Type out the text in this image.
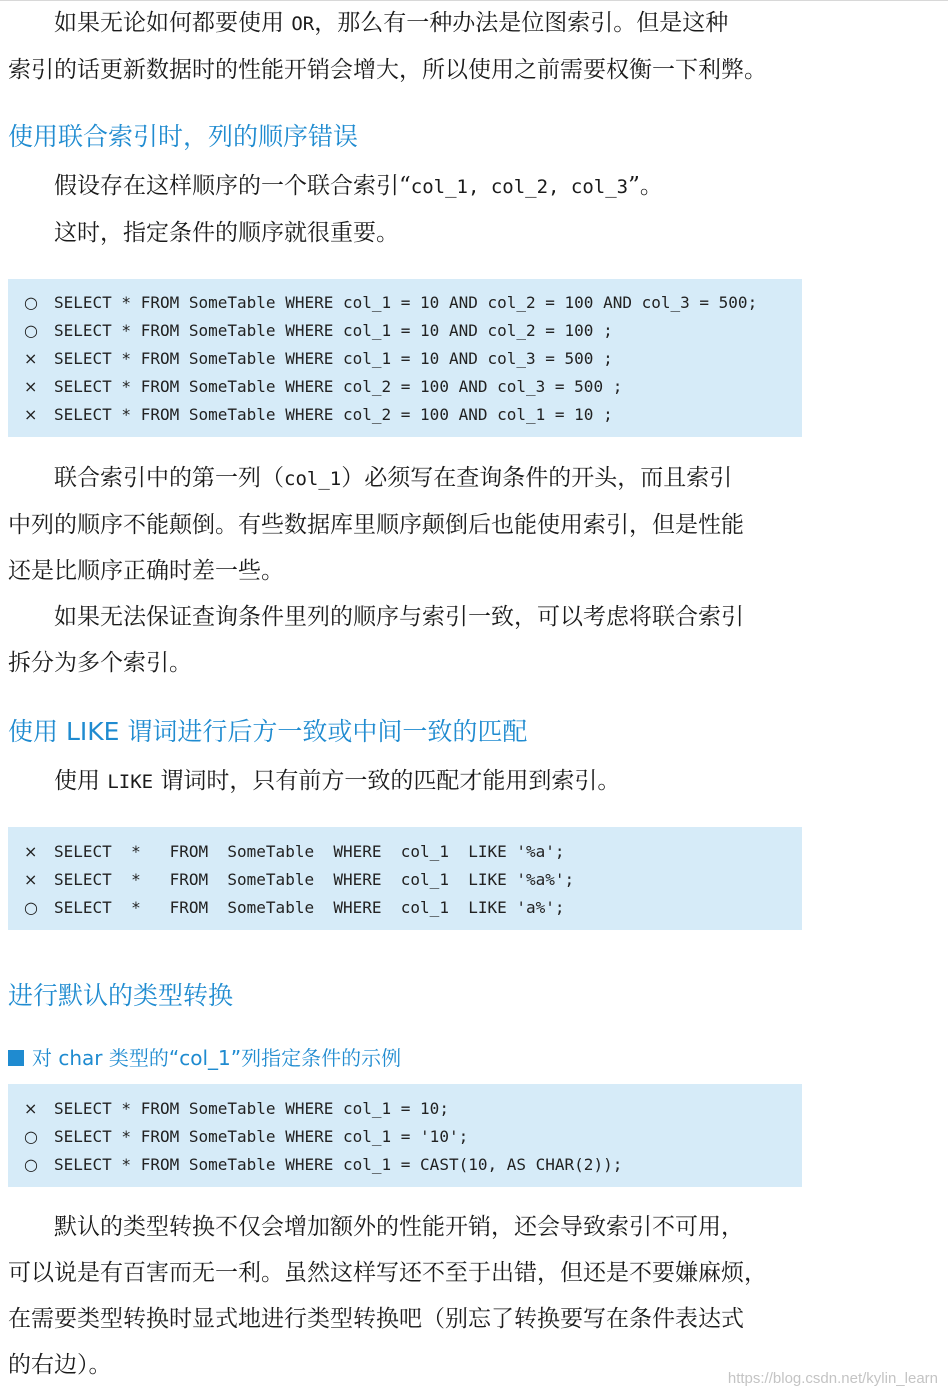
如果无论如何都要使用 OR，那么有一种办法是位图索引。但是这种

索引的话更新数据时的性能开销会增大，所以使用之前需要权衡一下利弊。

使用联合索引时，列的顺序错误

假设存在这样顺序的一个联合索引“col_1, col_2, col_3”。

这时，指定条件的顺序就很重要。

○	SELECT * FROM SomeTable WHERE col_1 = 10 AND col_2 = 100 AND col_3 = 500;
○	SELECT * FROM SomeTable WHERE col_1 = 10 AND col_2 = 100 ;
×	SELECT * FROM SomeTable WHERE col_1 = 10 AND col_3 = 500 ;
×	SELECT * FROM SomeTable WHERE col_2 = 100 AND col_3 = 500 ;
×	SELECT * FROM SomeTable WHERE col_2 = 100 AND col_1 = 10 ;

联合索引中的第一列（col_1）必须写在查询条件的开头，而且索引

中列的顺序不能颠倒。有些数据库里顺序颠倒后也能使用索引，但是性能

还是比顺序正确时差一些。

如果无法保证查询条件里列的顺序与索引一致，可以考虑将联合索引

拆分为多个索引。

使用 LIKE 谓词进行后方一致或中间一致的匹配

使用 LIKE 谓词时，只有前方一致的匹配才能用到索引。

×	SELECT  *   FROM  SomeTable  WHERE  col_1  LIKE '%a';
×	SELECT  *   FROM  SomeTable  WHERE  col_1  LIKE '%a%';
○	SELECT  *   FROM  SomeTable  WHERE  col_1  LIKE 'a%';
进行默认的类型转换

对 char 类型的“col_1”列指定条件的示例

×	SELECT * FROM SomeTable WHERE col_1 = 10;
○	SELECT * FROM SomeTable WHERE col_1 = '10';
○	SELECT * FROM SomeTable WHERE col_1 = CAST(10, AS CHAR(2));

默认的类型转换不仅会增加额外的性能开销，还会导致索引不可用，

可以说是有百害而无一利。虽然这样写还不至于出错，但还是不要嫌麻烦，

在需要类型转换时显式地进行类型转换吧（别忘了转换要写在条件表达式

的右边）。

https://blog.csdn.net/kylin_learn
